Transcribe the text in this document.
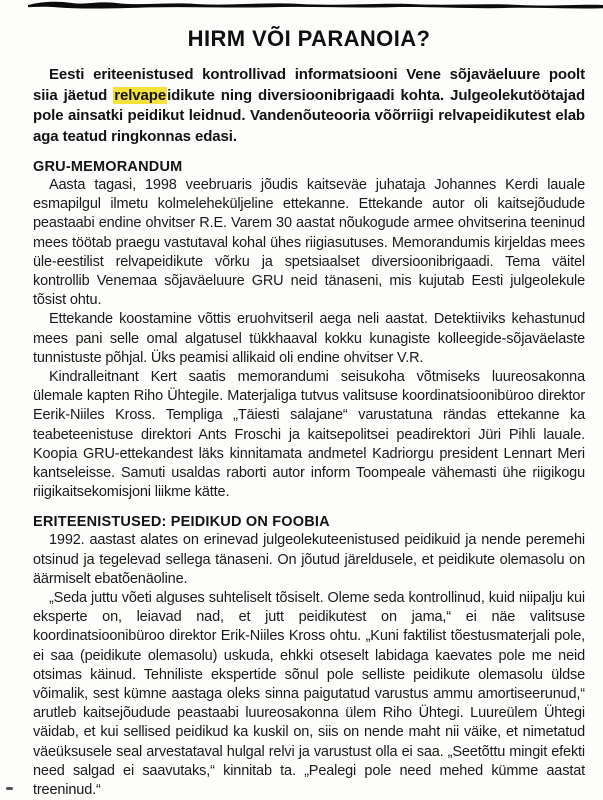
HIRM VÕI PARANOIA?

Eesti eriteenistused kontrollivad informatsiooni Vene sõjaväeluure poolt siia jäetud relvapeidikute ning diversioonibrigaadi kohta. Julgeolekutöötajad pole ainsatki peidikut leidnud. Vandenõuteooria võõrriigi relvapeidikutest elab aga teatud ringkonnas edasi.

GRU-MEMORANDUM

Aasta tagasi, 1998 veebruaris jõudis kaitseväe juhataja Johannes Kerdi lauale esmapilgul ilmetu kolmeleheküljeline ettekanne. Ettekande autor oli kaitsejõudude peastaabi endine ohvitser R.E. Varem 30 aastat nõukogude armee ohvitserina teeninud mees töötab praegu vastutaval kohal ühes riigiasutuses. Memorandumis kirjeldas mees üle-eestilist relvapeidikute võrku ja spetsiaalset diversioonibrigaadi. Tema väitel kontrollib Venemaa sõjaväeluure GRU neid tänaseni, mis kujutab Eesti julgeolekule tõsist ohtu.

Ettekande koostamine võttis eruohvitseril aega neli aastat. Detektiiviks kehastunud mees pani selle omal algatusel tükkhaaval kokku kunagiste kolleegide-sõjaväelaste tunnistuste põhjal. Üks peamisi allikaid oli endine ohvitser V.R.

Kindralleitnant Kert saatis memorandumi seisukoha võtmiseks luureosakonna ülemale kapten Riho Ühtegile. Materjaliga tutvus valitsuse koordinatsioonibüroo direktor Eerik-Niiles Kross. Templiga „Täiesti salajane“ varustatuna rändas ettekanne ka teabeteenistuse direktori Ants Froschi ja kaitsepolitsei peadirektori Jüri Pihli lauale. Koopia GRU-ettekandest läks kinnitamata andmetel Kadriorgu president Lennart Meri kantseleisse. Samuti usaldas raborti autor inform Toompeale vähemasti ühe riigikogu riigikaitsekomisjoni liikme kätte.

ERITEENISTUSED: PEIDIKUD ON FOOBIA

1992. aastast alates on erinevad julgeolekuteenistused peidikuid ja nende peremehi otsinud ja tegelevad sellega tänaseni. On jõutud järeldusele, et peidikute olemasolu on äärmiselt ebatõenäoline.

„Seda juttu võeti alguses suhteliselt tõsiselt. Oleme seda kontrollinud, kuid niipalju kui eksperte on, leiavad nad, et jutt peidikutest on jama,“ ei näe valitsuse koordinatsioonibüroo direktor Erik-Niiles Kross ohtu. „Kuni faktilist tõestusmaterjali pole, ei saa (peidikute olemasolu) uskuda, ehkki otseselt labidaga kaevates pole me neid otsimas käinud. Tehniliste ekspertide sõnul pole selliste peidikute olemasolu üldse võimalik, sest kümne aastaga oleks sinna paigutatud varustus ammu amortiseerunud,“ arutleb kaitsejõudude peastaabi luureosakonna ülem Riho Ühtegi. Luureülem Ühtegi väidab, et kui sellised peidikud ka kuskil on, siis on nende maht nii väike, et nimetatud väeüksusele seal arvestataval hulgal relvi ja varustust olla ei saa. „Seetõttu mingit efekti need salgad ei saavutaks,“ kinnitab ta. „Pealegi pole need mehed kümme aastat treeninud.“
